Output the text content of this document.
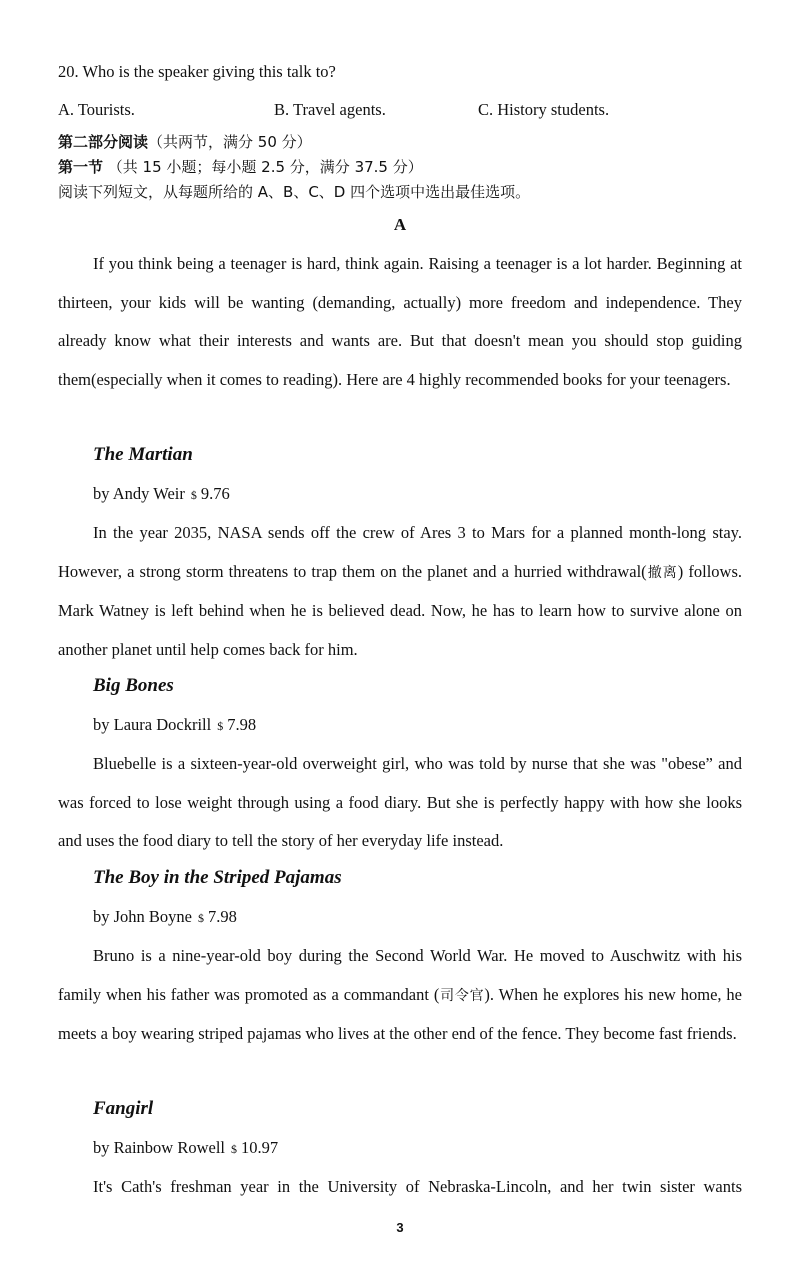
20. Who is the speaker giving this talk to?
A. Tourists.	B. Travel agents.	C. History students.
第二部分阅读（共两节，满分 50 分）
第一节 （共 15 小题；每小题 2.5 分，满分 37.5 分）
阅读下列短文，从每题所给的 A、B、C、D 四个选项中选出最佳选项。
A

If you think being a teenager is hard, think again. Raising a teenager is a lot harder. Beginning at thirteen, your kids will be wanting (demanding, actually) more freedom and independence. They already know what their interests and wants are. But that doesn't mean you should stop guiding them(especially when it comes to reading). Here are 4 highly recommended books for your teenagers.

The Martian
by Andy Weir $ 9.76

In the year 2035, NASA sends off the crew of Ares 3 to Mars for a planned month-long stay. However, a strong storm threatens to trap them on the planet and a hurried withdrawal(撤离) follows. Mark Watney is left behind when he is believed dead. Now, he has to learn how to survive alone on another planet until help comes back for him.

Big Bones
by Laura Dockrill $ 7.98

Bluebelle is a sixteen-year-old overweight girl, who was told by nurse that she was "obese” and was forced to lose weight through using a food diary. But she is perfectly happy with how she looks and uses the food diary to tell the story of her everyday life instead.

The Boy in the Striped Pajamas
by John Boyne $ 7.98

Bruno is a nine-year-old boy during the Second World War. He moved to Auschwitz with his family when his father was promoted as a commandant (司令官). When he explores his new home, he meets a boy wearing striped pajamas who lives at the other end of the fence. They become fast friends.

Fangirl
by Rainbow Rowell $ 10.97

It's Cath's freshman year in the University of Nebraska-Lincoln, and her twin sister wants

3
